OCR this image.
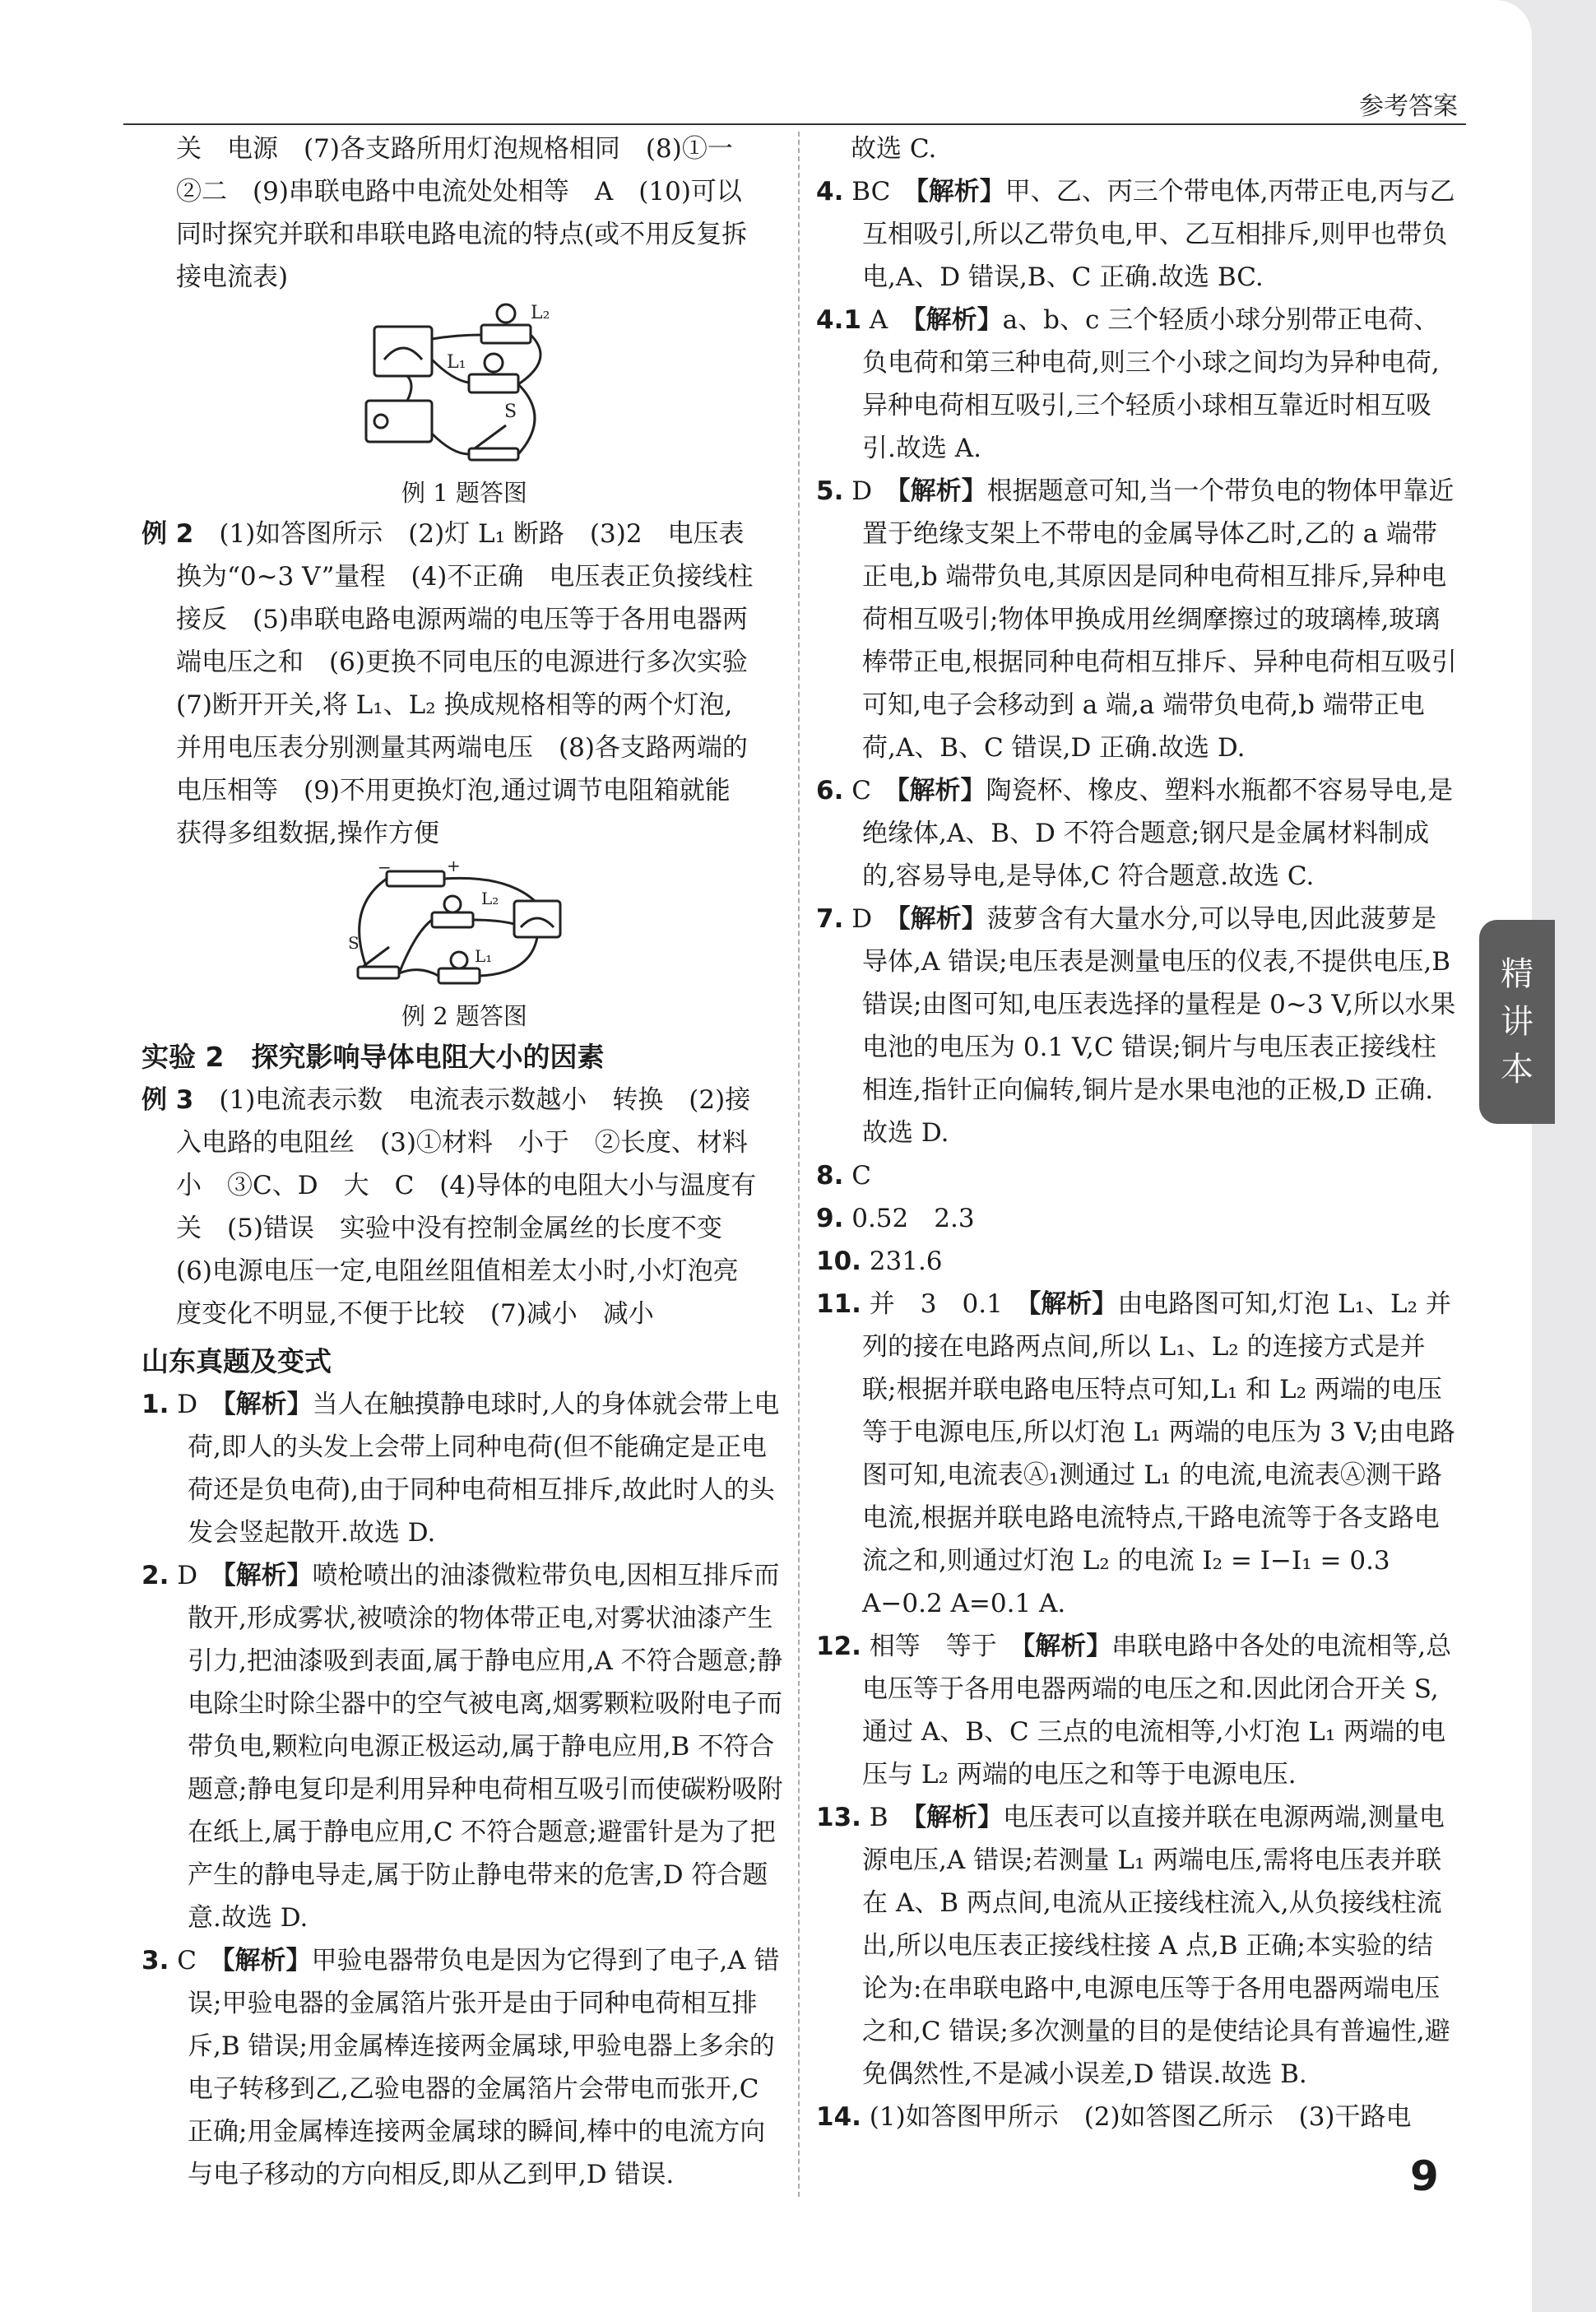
参考答案

关　电源　(7)各支路所用灯泡规格相同　(8)①一

②二　(9)串联电路中电流处处相等　A　(10)可以

同时探究并联和串联电路电流的特点(或不用反复拆

接电流表)

L₂
L₁
S
例 1 题答图

例 2　 (1)如答图所示　(2)灯 L₁ 断路　(3)2　电压表

换为“0~3 V”量程　(4)不正确　电压表正负接线柱

接反　(5)串联电路电源两端的电压等于各用电器两

端电压之和　(6)更换不同电压的电源进行多次实验

(7)断开开关,将 L₁、L₂ 换成规格相等的两个灯泡,

并用电压表分别测量其两端电压　(8)各支路两端的

电压相等　(9)不用更换灯泡,通过调节电阻箱就能

获得多组数据,操作方便

−	+
L₂
L₁
S
例 2 题答图

实验 2　探究影响导体电阻大小的因素

例 3　 (1)电流表示数　电流表示数越小　转换　(2)接

入电路的电阻丝　(3)①材料　小于　②长度、材料

小　③C、D　大　C　(4)导体的电阻大小与温度有

关　(5)错误　实验中没有控制金属丝的长度不变

(6)电源电压一定,电阻丝阻值相差太小时,小灯泡亮

度变化不明显,不便于比较　(7)减小　减小

山东真题及变式

1. D　【解析】当人在触摸静电球时,人的身体就会带上电荷,即人的头发上会带上同种电荷(但不能确定是正电荷还是负电荷),由于同种电荷相互排斥,故此时人的头发会竖起散开.故选 D.

2. D　【解析】喷枪喷出的油漆微粒带负电,因相互排斥而散开,形成雾状,被喷涂的物体带正电,对雾状油漆产生引力,把油漆吸到表面,属于静电应用,A 不符合题意;静电除尘时除尘器中的空气被电离,烟雾颗粒吸附电子而带负电,颗粒向电源正极运动,属于静电应用,B 不符合题意;静电复印是利用异种电荷相互吸引而使碳粉吸附在纸上,属于静电应用,C 不符合题意;避雷针是为了把产生的静电导走,属于防止静电带来的危害,D 符合题意.故选 D.

3. C　【解析】甲验电器带负电是因为它得到了电子,A 错误;甲验电器的金属箔片张开是由于同种电荷相互排斥,B 错误;用金属棒连接两金属球,甲验电器上多余的电子转移到乙,乙验电器的金属箔片会带电而张开,C 正确;用金属棒连接两金属球的瞬间,棒中的电流方向与电子移动的方向相反,即从乙到甲,D 错误.

故选 C.

4. BC　【解析】甲、乙、丙三个带电体,丙带正电,丙与乙互相吸引,所以乙带负电,甲、乙互相排斥,则甲也带负电,A、D 错误,B、C 正确.故选 BC.

4.1 A　【解析】a、b、c 三个轻质小球分别带正电荷、负电荷和第三种电荷,则三个小球之间均为异种电荷,异种电荷相互吸引,三个轻质小球相互靠近时相互吸引.故选 A.

5. D　【解析】根据题意可知,当一个带负电的物体甲靠近置于绝缘支架上不带电的金属导体乙时,乙的 a 端带正电,b 端带负电,其原因是同种电荷相互排斥,异种电荷相互吸引;物体甲换成用丝绸摩擦过的玻璃棒,玻璃棒带正电,根据同种电荷相互排斥、异种电荷相互吸引可知,电子会移动到 a 端,a 端带负电荷,b 端带正电荷,A、B、C 错误,D 正确.故选 D.

6. C　【解析】陶瓷杯、橡皮、塑料水瓶都不容易导电,是绝缘体,A、B、D 不符合题意;钢尺是金属材料制成的,容易导电,是导体,C 符合题意.故选 C.

7. D　【解析】菠萝含有大量水分,可以导电,因此菠萝是导体,A 错误;电压表是测量电压的仪表,不提供电压,B 错误;由图可知,电压表选择的量程是 0~3 V,所以水果电池的电压为 0.1 V,C 错误;铜片与电压表正接线柱相连,指针正向偏转,铜片是水果电池的正极,D 正确.故选 D.

8. C

9. 0.52　2.3

10. 231.6

11. 并　3　0.1　【解析】由电路图可知,灯泡 L₁、L₂ 并列的接在电路两点间,所以 L₁、L₂ 的连接方式是并联;根据并联电路电压特点可知,L₁ 和 L₂ 两端的电压等于电源电压,所以灯泡 L₁ 两端的电压为 3 V;由电路图可知,电流表Ⓐ₁测通过 L₁ 的电流,电流表Ⓐ测干路电流,根据并联电路电流特点,干路电流等于各支路电流之和,则通过灯泡 L₂ 的电流 I₂ = I−I₁ = 0.3 A−0.2 A=0.1 A.

12. 相等　等于　【解析】串联电路中各处的电流相等,总电压等于各用电器两端的电压之和.因此闭合开关 S,通过 A、B、C 三点的电流相等,小灯泡 L₁ 两端的电压与 L₂ 两端的电压之和等于电源电压.

13. B　【解析】电压表可以直接并联在电源两端,测量电源电压,A 错误;若测量 L₁ 两端电压,需将电压表并联在 A、B 两点间,电流从正接线柱流入,从负接线柱流出,所以电压表正接线柱接 A 点,B 正确;本实验的结论为:在串联电路中,电源电压等于各用电器两端电压之和,C 错误;多次测量的目的是使结论具有普遍性,避免偶然性,不是减小误差,D 错误.故选 B.

14. (1)如答图甲所示　(2)如答图乙所示　(3)干路电

9
精
讲
本
